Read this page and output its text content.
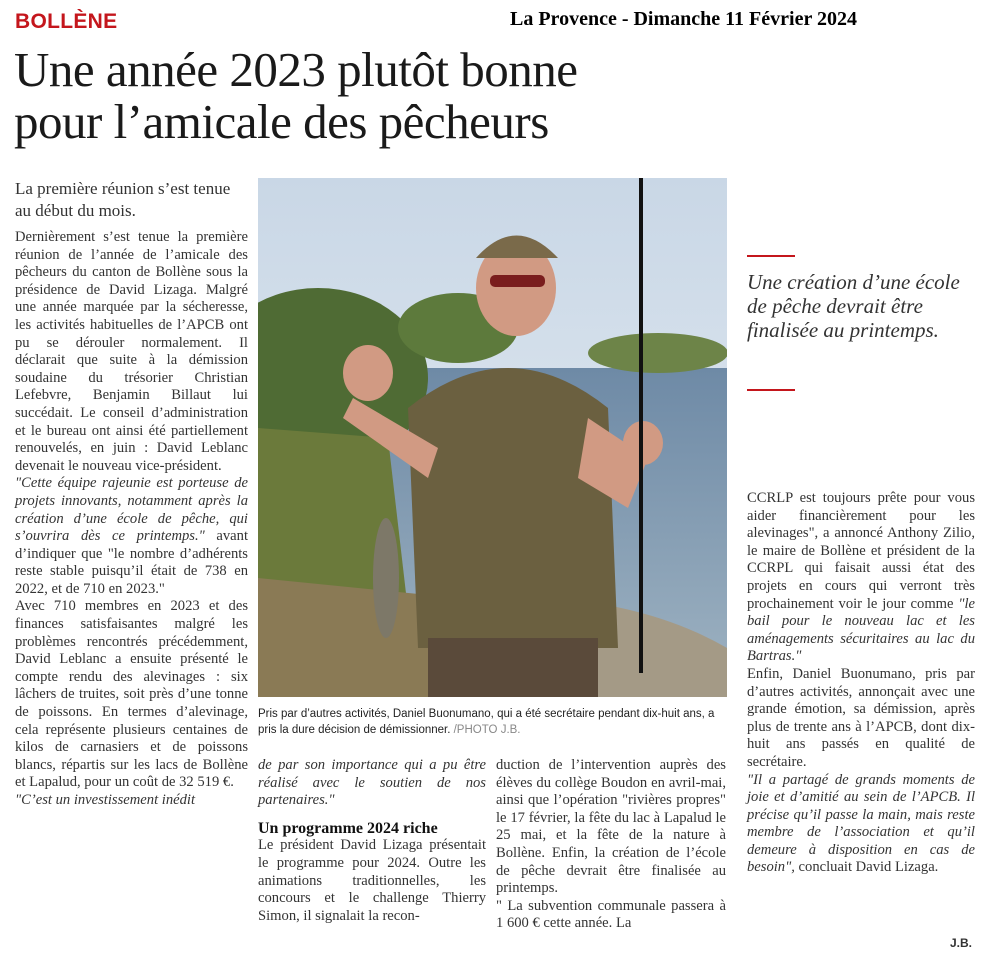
BOLLÈNE	La Provence - Dimanche 11 Février 2024
Une année 2023 plutôt bonne
pour l’amicale des pêcheurs
La première réunion s’est tenue au début du mois.

Dernièrement s’est tenue la première réunion de l’année de l’amicale des pêcheurs du canton de Bollène sous la présidence de David Lizaga. Malgré une année marquée par la sécheresse, les activités habituelles de l’APCB ont pu se dérouler normalement. Il déclarait que suite à la démission soudaine du trésorier Christian Lefebvre, Benjamin Billaut lui succédait. Le conseil d’administration et le bureau ont ainsi été partiellement renouvelés, en juin : David Leblanc devenait le nouveau vice-président.

"Cette équipe rajeunie est porteuse de projets innovants, notamment après la création d’une école de pêche, qui s’ouvrira dès ce printemps." avant d’indiquer que "le nombre d’adhérents reste stable puisqu’il était de 738 en 2022, et de 710 en 2023."

Avec 710 membres en 2023 et des finances satisfaisantes malgré les problèmes rencontrés précédemment, David Leblanc a ensuite présenté le compte rendu des alevinages : six lâchers de truites, soit près d’une tonne de poissons. En termes d’alevinage, cela représente plusieurs centaines de kilos de carnasiers et de poissons blancs, répartis sur les lacs de Bollène et Lapalud, pour un coût de 32 519 €.

"C’est un investissement inédit

Pris par d’autres activités, Daniel Buonumano, qui a été secrétaire pendant dix-huit ans, a pris la dure décision de démissionner. /PHOTO J.B.

de par son importance qui a pu être réalisé avec le soutien de nos partenaires."

Un programme 2024 riche

Le président David Lizaga présentait le programme pour 2024. Outre les animations traditionnelles, les concours et le challenge Thierry Simon, il signalait la recon-

duction de l’intervention auprès des élèves du collège Boudon en avril-mai, ainsi que l’opération "rivières propres" le 17 février, la fête du lac à Lapalud le 25 mai, et la fête de la nature à Bollène. Enfin, la création de l’école de pêche devrait être finalisée au printemps.

" La subvention communale passera à 1 600 € cette année. La

Une création d’une école de pêche devrait être finalisée au printemps.

CCRLP est toujours prête pour vous aider financièrement pour les alevinages", a annoncé Anthony Zilio, le maire de Bollène et président de la CCRPL qui faisait aussi état des projets en cours qui verront très prochainement voir le jour comme "le bail pour le nouveau lac et les aménagements sécuritaires au lac du Bartras."

Enfin, Daniel Buonumano, pris par d’autres activités, annonçait avec une grande émotion, sa démission, après plus de trente ans à l’APCB, dont dix-huit ans passés en qualité de secrétaire.

"Il a partagé de grands moments de joie et d’amitié au sein de l’APCB. Il précise qu’il passe la main, mais reste membre de l’association et qu’il demeure à disposition en cas de besoin", concluait David Lizaga.

J.B.
